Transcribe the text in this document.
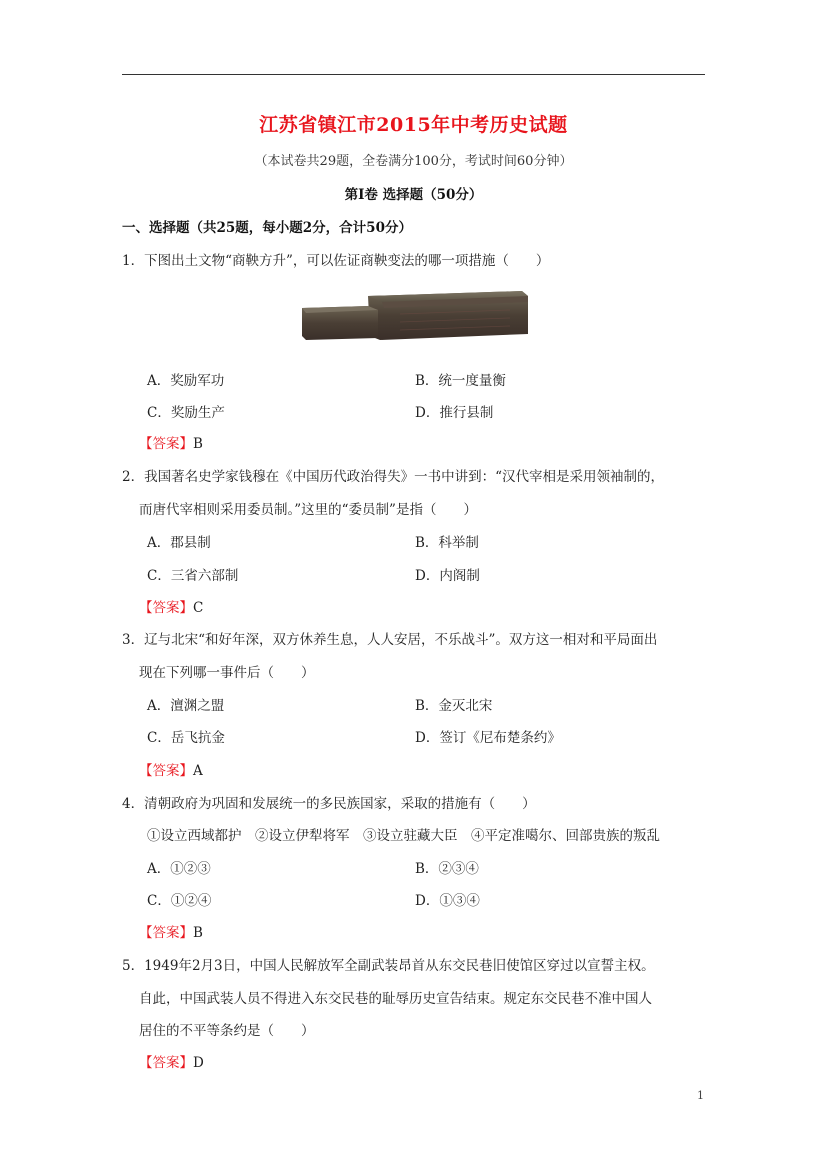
江苏省镇江市2015年中考历史试题
（本试卷共29题，全卷满分100分，考试时间60分钟）
第Ⅰ卷 选择题（50分）
一、选择题（共25题，每小题2分，合计50分）
1．下图出土文物“商鞅方升”，可以佐证商鞅变法的哪一项措施（　　）
A．奖励军功	B．统一度量衡
C．奖励生产	D．推行县制
【答案】B
2．我国著名史学家钱穆在《中国历代政治得失》一书中讲到：“汉代宰相是采用领袖制的，
而唐代宰相则采用委员制。”这里的“委员制”是指（　　）
A．郡县制	B．科举制
C．三省六部制	D．内阁制
【答案】C
3．辽与北宋“和好年深，双方休养生息，人人安居，不乐战斗”。双方这一相对和平局面出
现在下列哪一事件后（　　）
A．澶渊之盟	B．金灭北宋
C．岳飞抗金	D．签订《尼布楚条约》
【答案】A
4．清朝政府为巩固和发展统一的多民族国家，采取的措施有（　　）
①设立西域都护　②设立伊犁将军　③设立驻藏大臣　④平定准噶尔、回部贵族的叛乱
A．①②③	B．②③④
C．①②④	D．①③④
【答案】B
5．1949年2月3日，中国人民解放军全副武装昂首从东交民巷旧使馆区穿过以宣誓主权。
自此，中国武装人员不得进入东交民巷的耻辱历史宣告结束。规定东交民巷不准中国人
居住的不平等条约是（　　）
【答案】D
1
